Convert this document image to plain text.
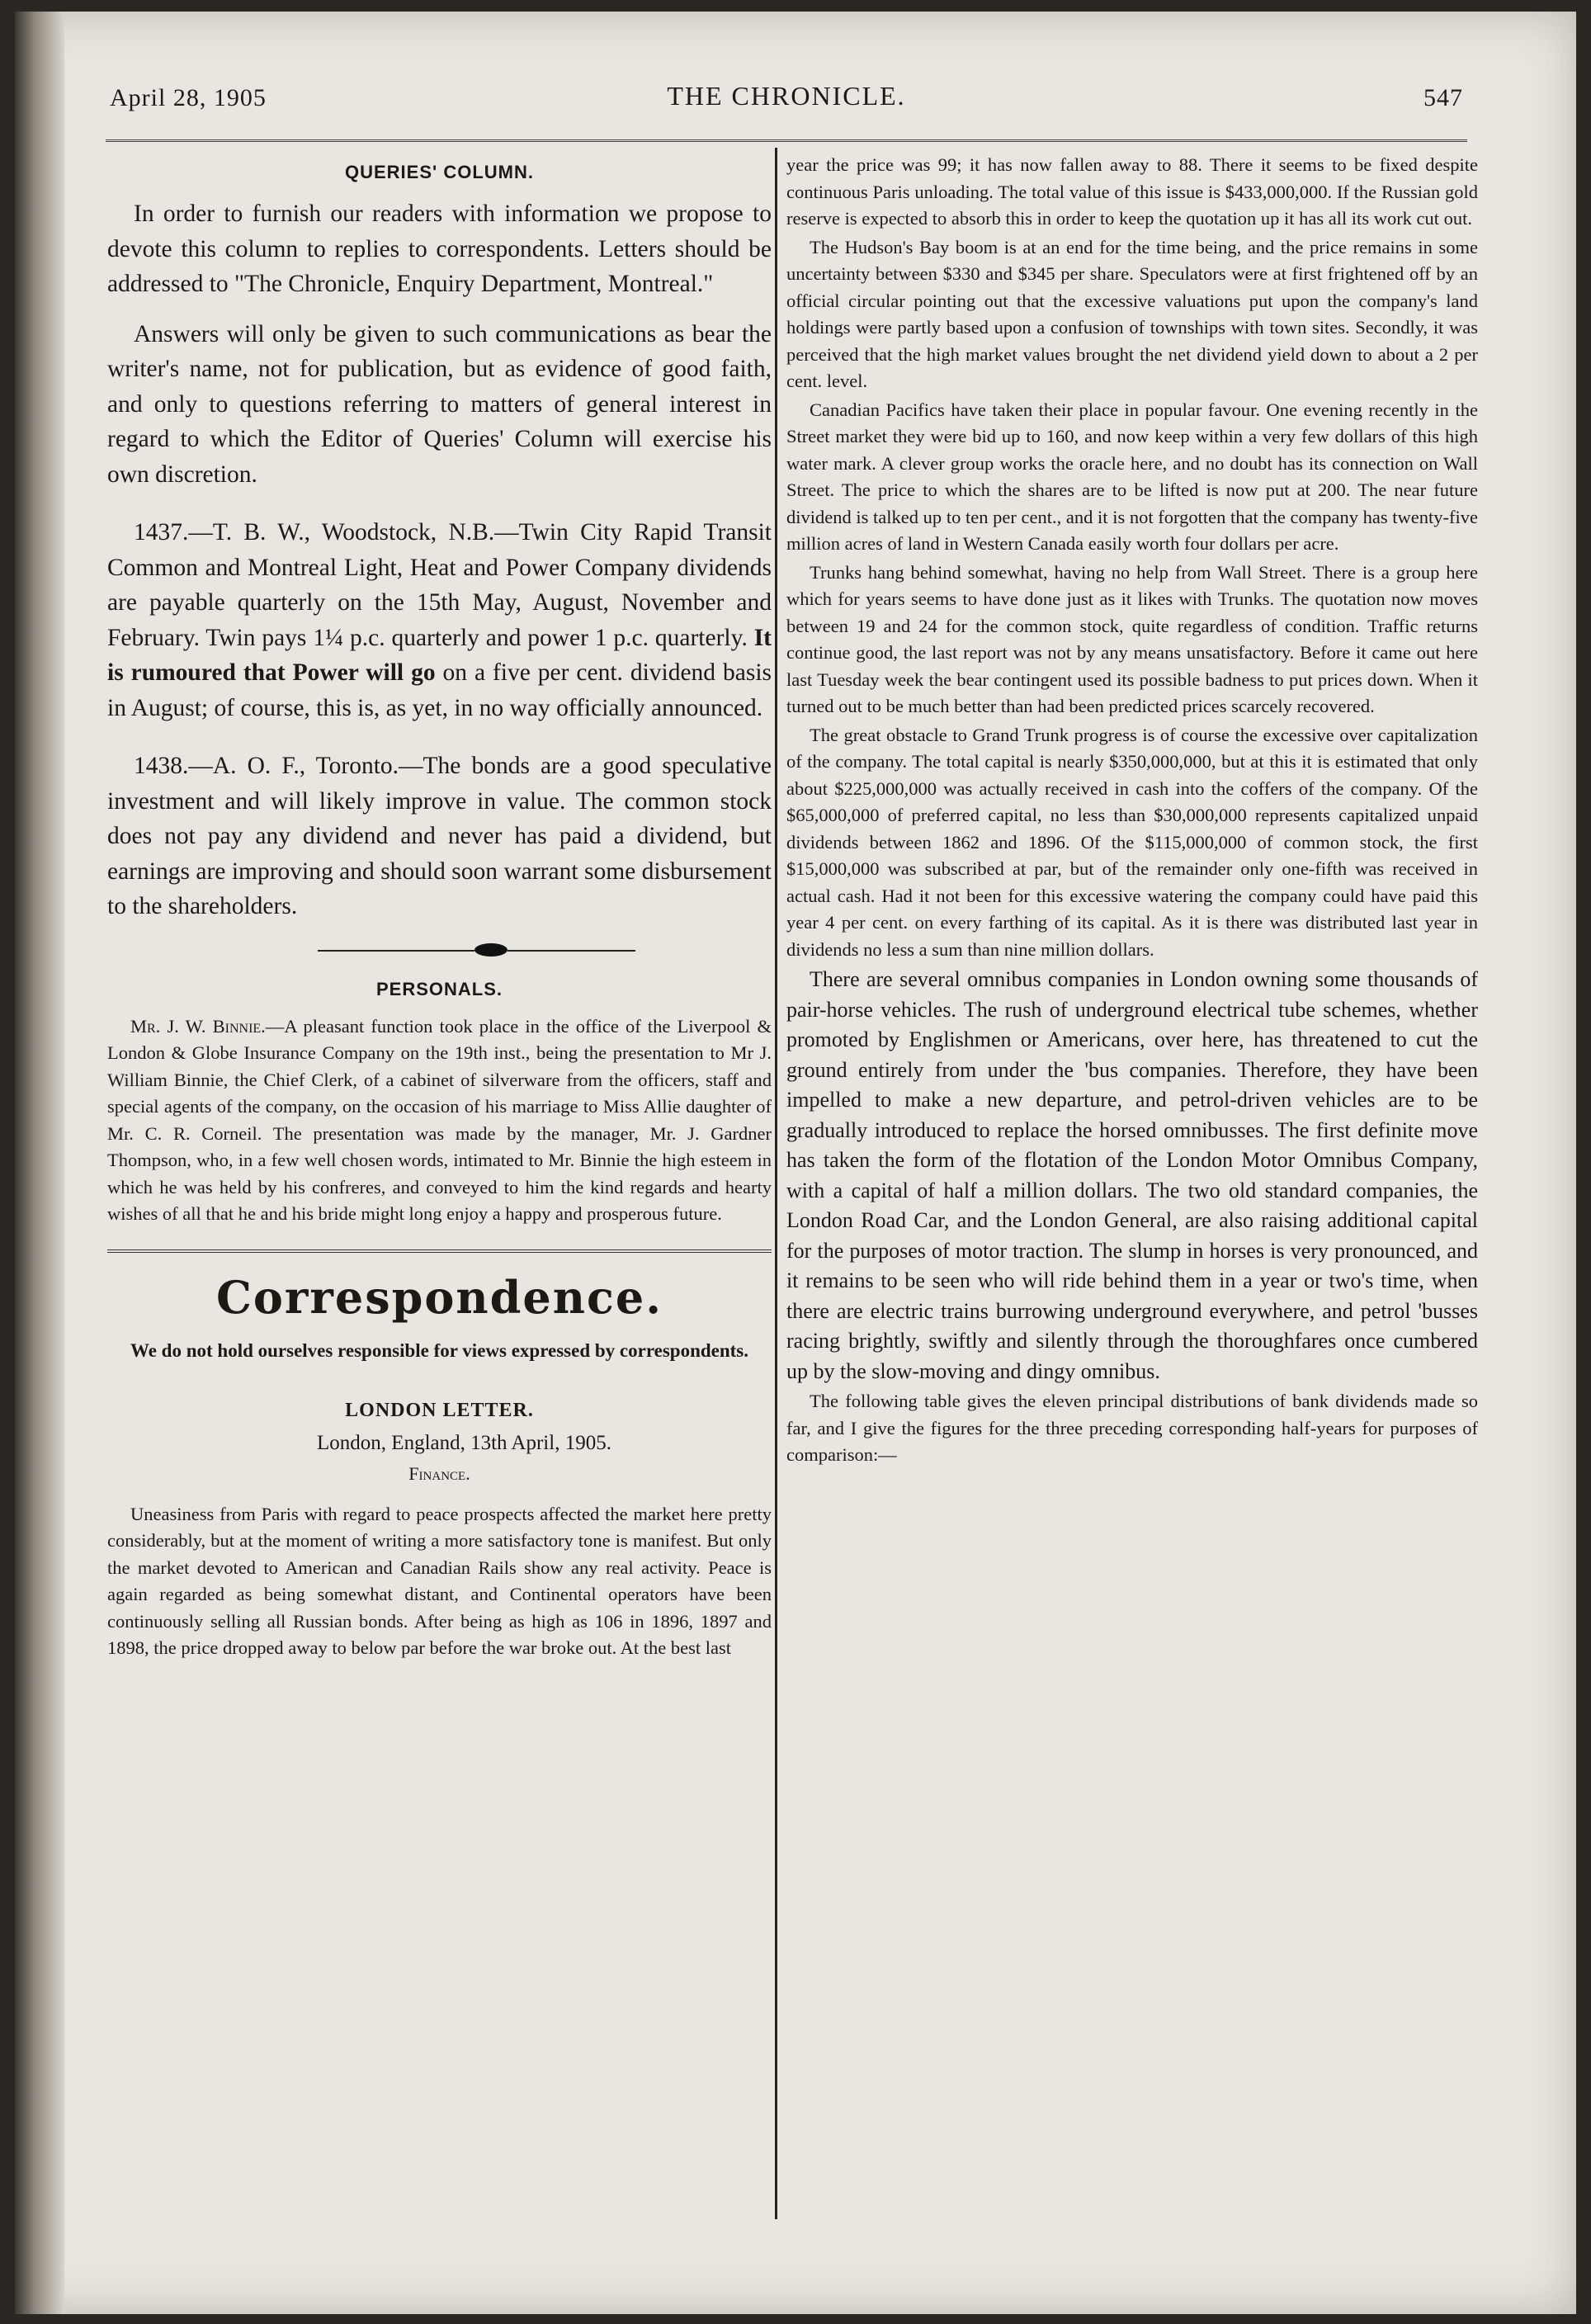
April 28, 1905	THE CHRONICLE.	547
QUERIES' COLUMN.

In order to furnish our readers with information we propose to devote this column to replies to correspondents. Letters should be addressed to "The Chronicle, Enquiry Department, Montreal."

Answers will only be given to such communications as bear the writer's name, not for publication, but as evidence of good faith, and only to questions referring to matters of general interest in regard to which the Editor of Queries' Column will exercise his own discretion.

1437.—T. B. W., Woodstock, N.B.—Twin City Rapid Transit Common and Montreal Light, Heat and Power Company dividends are payable quarterly on the 15th May, August, November and February. Twin pays 1¼ p.c. quarterly and power 1 p.c. quarterly. It is rumoured that Power will go on a five per cent. dividend basis in August; of course, this is, as yet, in no way officially announced.

1438.—A. O. F., Toronto.—The bonds are a good speculative investment and will likely improve in value. The common stock does not pay any dividend and never has paid a dividend, but earnings are improving and should soon warrant some disbursement to the shareholders.

PERSONALS.

Mr. J. W. Binnie.—A pleasant function took place in the office of the Liverpool & London & Globe Insurance Company on the 19th inst., being the presentation to Mr J. William Binnie, the Chief Clerk, of a cabinet of silverware from the officers, staff and special agents of the company, on the occasion of his marriage to Miss Allie daughter of Mr. C. R. Corneil. The presentation was made by the manager, Mr. J. Gardner Thompson, who, in a few well chosen words, intimated to Mr. Binnie the high esteem in which he was held by his confreres, and conveyed to him the kind regards and hearty wishes of all that he and his bride might long enjoy a happy and prosperous future.

Correspondence.
We do not hold ourselves responsible for views expressed by correspondents.
LONDON LETTER.
London, England, 13th April, 1905.
Finance.

Uneasiness from Paris with regard to peace prospects affected the market here pretty considerably, but at the moment of writing a more satisfactory tone is manifest. But only the market devoted to American and Canadian Rails show any real activity. Peace is again regarded as being somewhat distant, and Continental operators have been continuously selling all Russian bonds. After being as high as 106 in 1896, 1897 and 1898, the price dropped away to below par before the war broke out. At the best last

year the price was 99; it has now fallen away to 88. There it seems to be fixed despite continuous Paris unloading. The total value of this issue is $433,000,000. If the Russian gold reserve is expected to absorb this in order to keep the quotation up it has all its work cut out.

The Hudson's Bay boom is at an end for the time being, and the price remains in some uncertainty between $330 and $345 per share. Speculators were at first frightened off by an official circular pointing out that the excessive valuations put upon the company's land holdings were partly based upon a confusion of townships with town sites. Secondly, it was perceived that the high market values brought the net dividend yield down to about a 2 per cent. level.

Canadian Pacifics have taken their place in popular favour. One evening recently in the Street market they were bid up to 160, and now keep within a very few dollars of this high water mark. A clever group works the oracle here, and no doubt has its connection on Wall Street. The price to which the shares are to be lifted is now put at 200. The near future dividend is talked up to ten per cent., and it is not forgotten that the company has twenty-five million acres of land in Western Canada easily worth four dollars per acre.

Trunks hang behind somewhat, having no help from Wall Street. There is a group here which for years seems to have done just as it likes with Trunks. The quotation now moves between 19 and 24 for the common stock, quite regardless of condition. Traffic returns continue good, the last report was not by any means unsatisfactory. Before it came out here last Tuesday week the bear contingent used its possible badness to put prices down. When it turned out to be much better than had been predicted prices scarcely recovered.

The great obstacle to Grand Trunk progress is of course the excessive over capitalization of the company. The total capital is nearly $350,000,000, but at this it is estimated that only about $225,000,000 was actually received in cash into the coffers of the company. Of the $65,000,000 of preferred capital, no less than $30,000,000 represents capitalized unpaid dividends between 1862 and 1896. Of the $115,000,000 of common stock, the first $15,000,000 was subscribed at par, but of the remainder only one-fifth was received in actual cash. Had it not been for this excessive watering the company could have paid this year 4 per cent. on every farthing of its capital. As it is there was distributed last year in dividends no less a sum than nine million dollars.

There are several omnibus companies in London owning some thousands of pair-horse vehicles. The rush of underground electrical tube schemes, whether promoted by Englishmen or Americans, over here, has threatened to cut the ground entirely from under the 'bus companies. Therefore, they have been impelled to make a new departure, and petrol-driven vehicles are to be gradually introduced to replace the horsed omnibusses. The first definite move has taken the form of the flotation of the London Motor Omnibus Company, with a capital of half a million dollars. The two old standard companies, the London Road Car, and the London General, are also raising additional capital for the purposes of motor traction. The slump in horses is very pronounced, and it remains to be seen who will ride behind them in a year or two's time, when there are electric trains burrowing underground everywhere, and petrol 'busses racing brightly, swiftly and silently through the thoroughfares once cumbered up by the slow-moving and dingy omnibus.

The following table gives the eleven principal distributions of bank dividends made so far, and I give the figures for the three preceding corresponding half-years for purposes of comparison:—
